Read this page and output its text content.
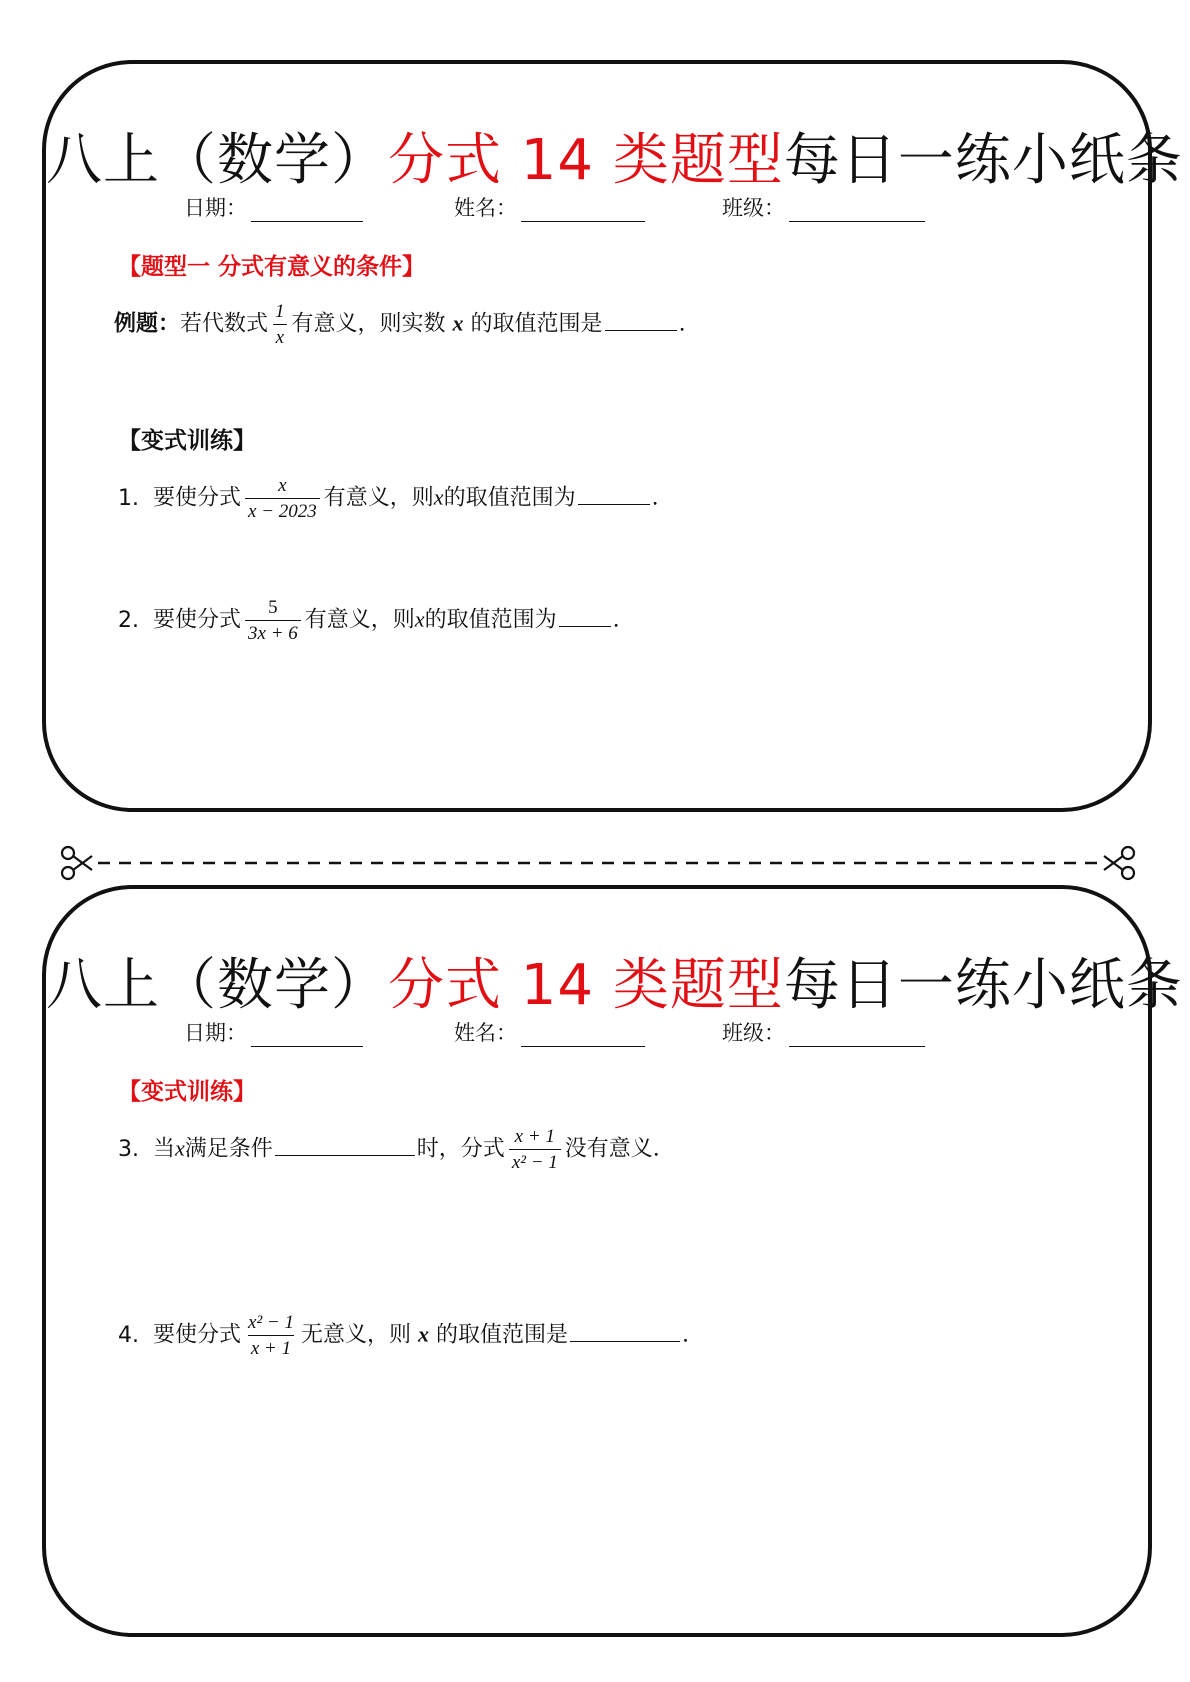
八上（数学）分式 14 类题型每日一练小纸条
日期：	姓名：	班级：
【题型一 分式有意义的条件】
例题：若代数式 $\frac{1}{x}$ 有意义，则实数 x 的取值范围是	.
【变式训练】
1. 要使分式 $\frac{x}{x - 2023}$ 有意义，则x的取值范围为	.
2. 要使分式 $\frac{5}{3x + 6}$ 有意义，则x的取值范围为	.
八上（数学）分式 14 类题型每日一练小纸条
日期：	姓名：	班级：
【变式训练】
3. 当x满足条件	时，分式 $\frac{x + 1}{\text{x² − 1}}$ 没有意义.
4. 要使分式 $\frac{\text{x² − 1}}{x + 1}$ 无意义，则 x 的取值范围是	.
